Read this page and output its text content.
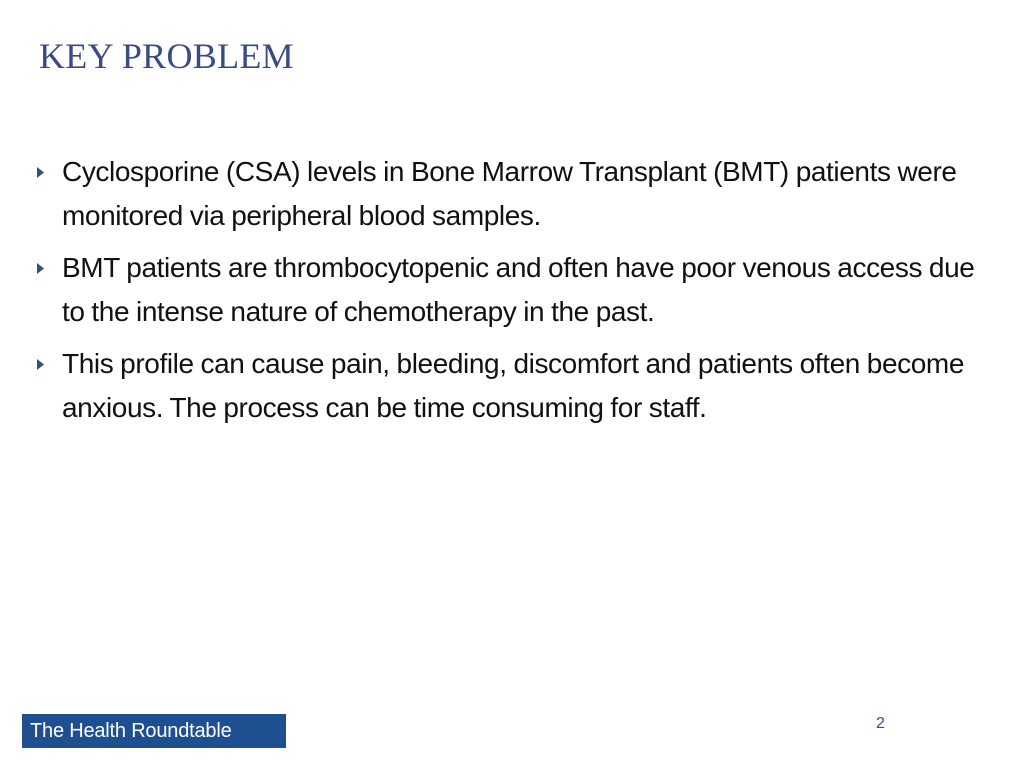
KEY PROBLEM
Cyclosporine (CSA) levels in Bone Marrow Transplant (BMT) patients were monitored via peripheral blood samples.
BMT patients are thrombocytopenic and often have poor venous access due to the intense nature of chemotherapy in the past.
This profile can cause pain, bleeding, discomfort and patients often become anxious. The process can be time consuming for staff.
The Health Roundtable	2
